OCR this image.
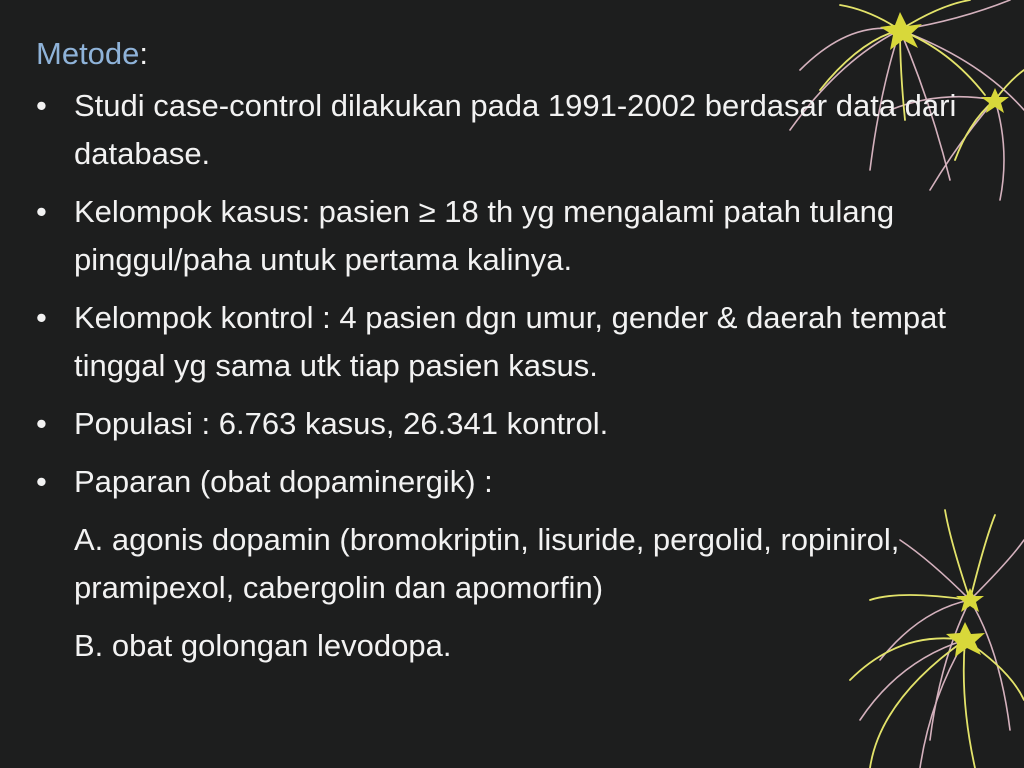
Metode:
• Studi case-control dilakukan pada 1991-2002 berdasar data dari database.
• Kelompok kasus: pasien ≥ 18 th yg mengalami patah tulang pinggul/paha untuk pertama kalinya.
• Kelompok kontrol : 4 pasien dgn umur, gender & daerah tempat tinggal yg sama utk tiap pasien kasus.
• Populasi : 6.763 kasus, 26.341 kontrol.
• Paparan (obat dopaminergik) :
A. agonis dopamin (bromokriptin, lisuride, pergolid, ropinirol, pramipexol, cabergolin dan apomorfin)
B. obat golongan levodopa.
